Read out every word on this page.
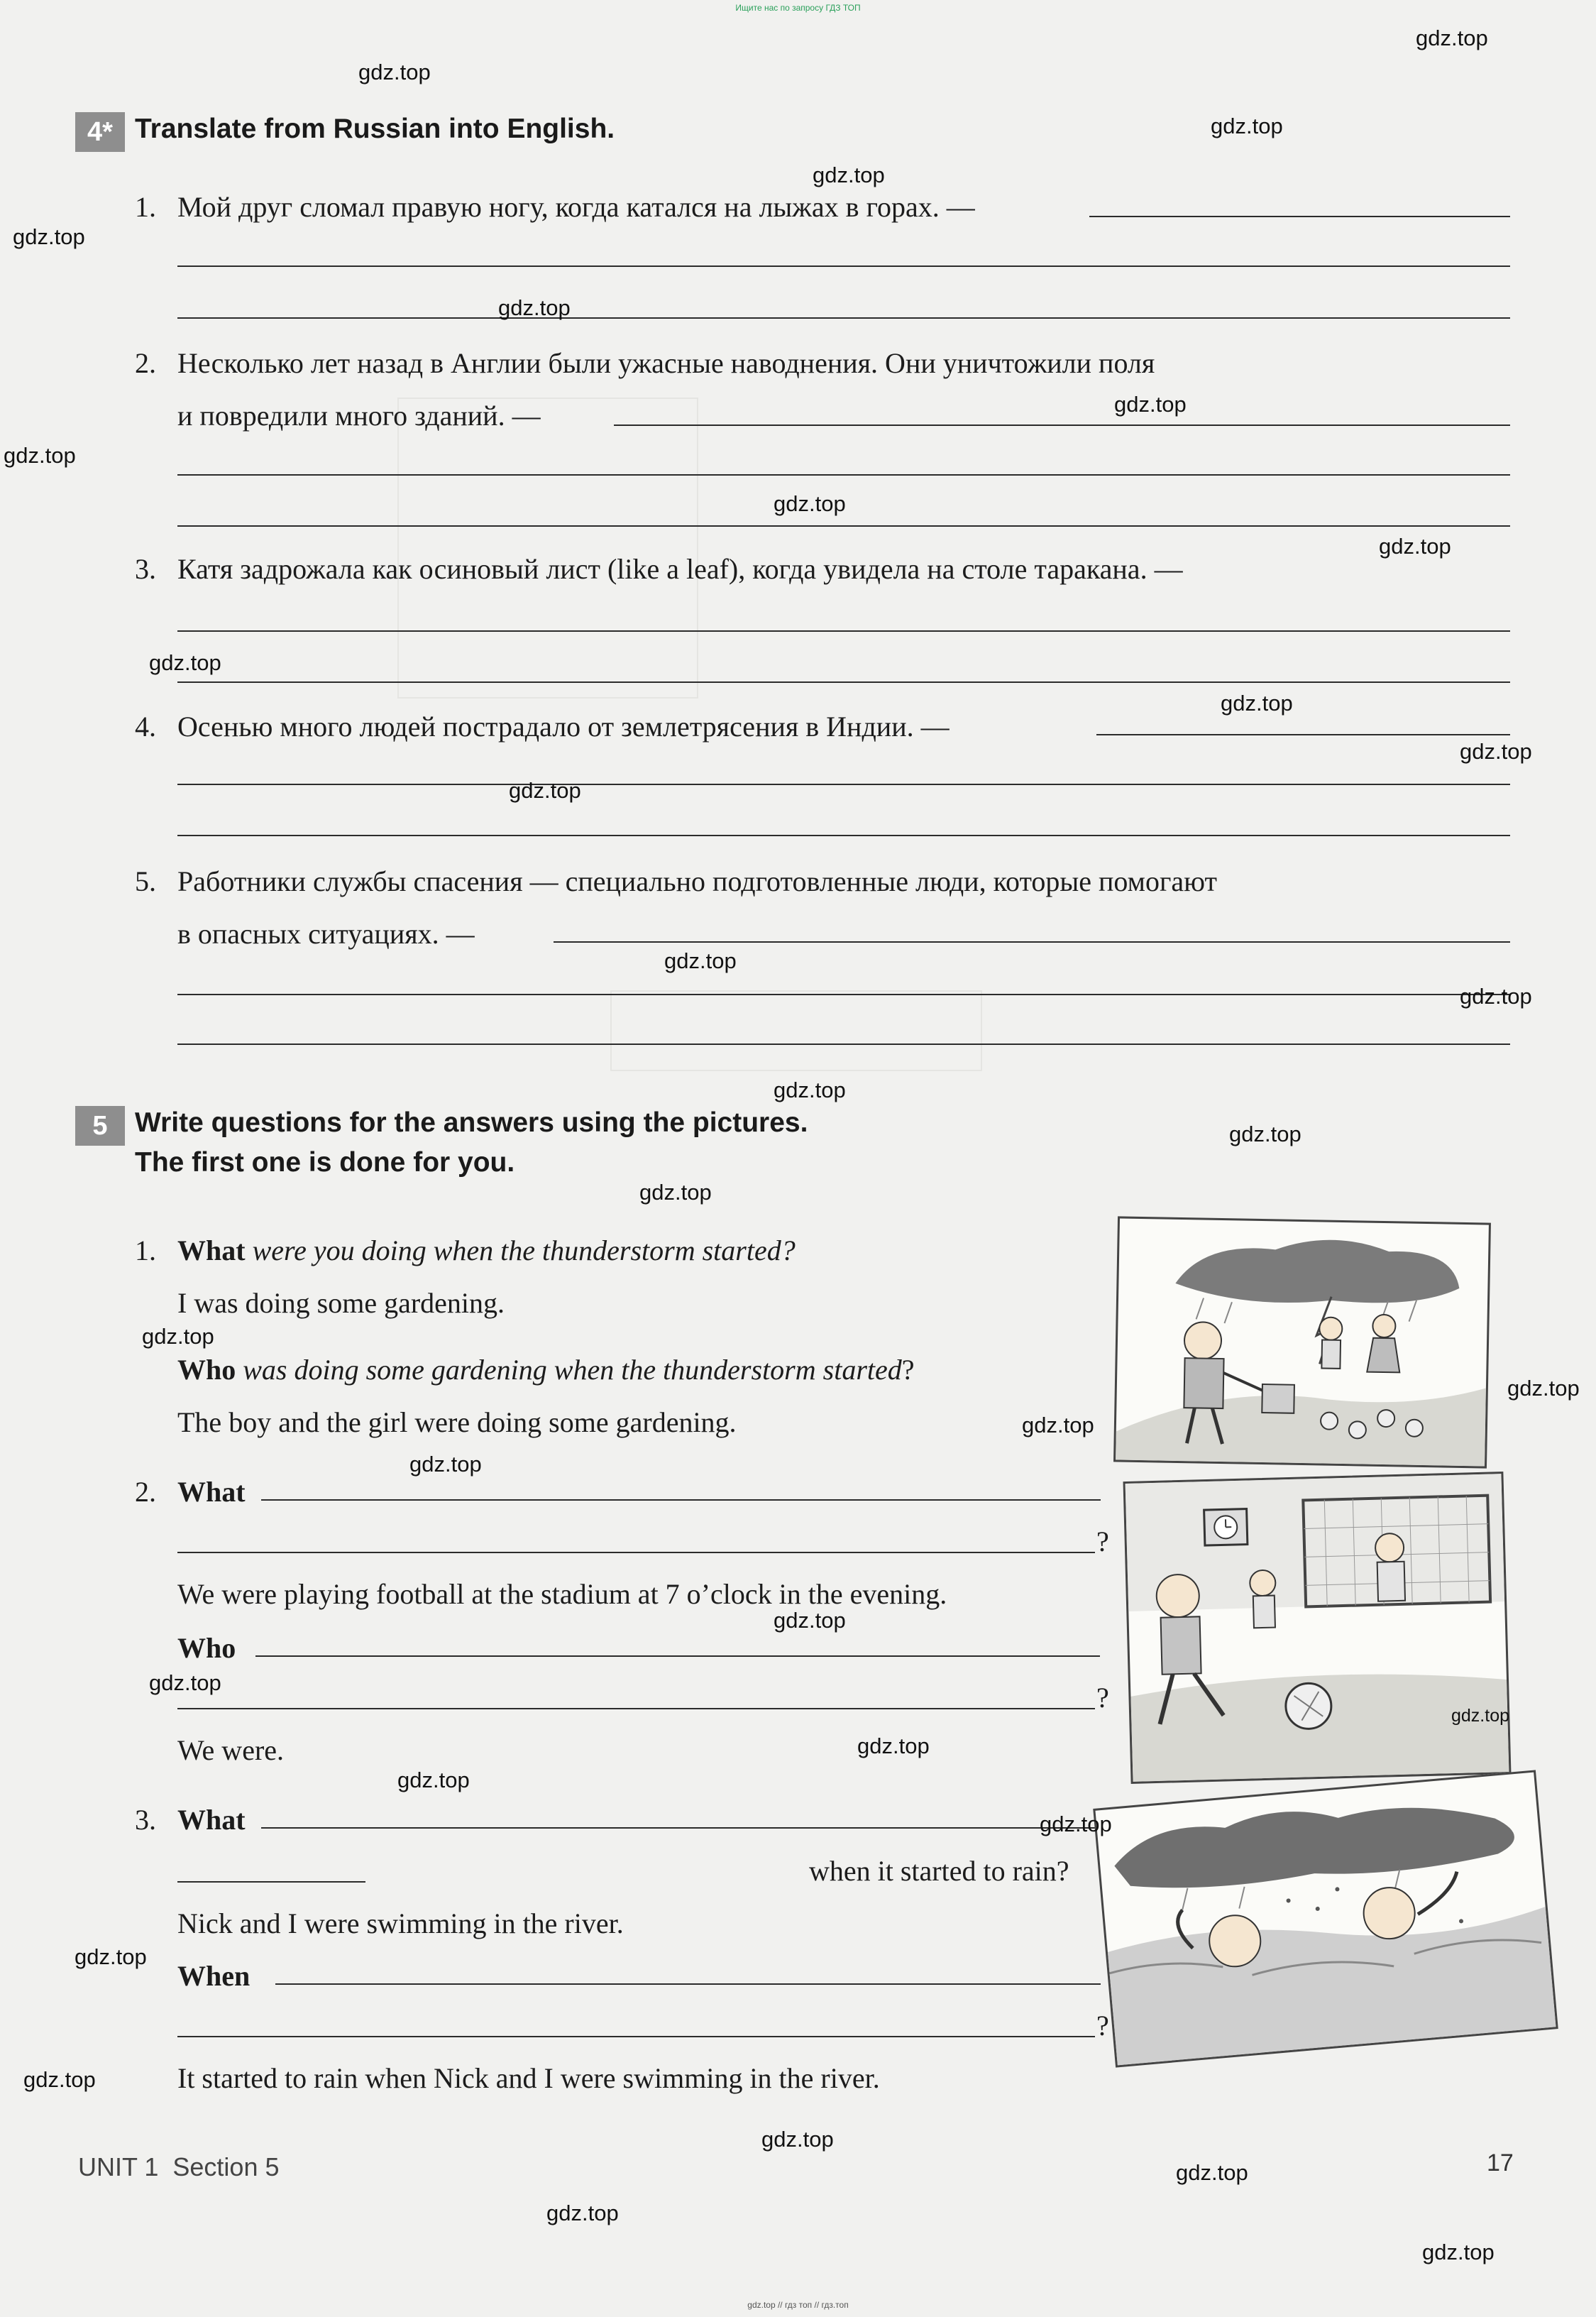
Ищите нас по запросу ГДЗ ТОП
gdz.top // гдз топ // гдз.топ
4* Translate from Russian into English.
1. Мой друг сломал правую ногу, когда катался на лыжах в горах. —
2. Несколько лет назад в Англии были ужасные наводнения. Они уничтожили поля
и повредили много зданий. —
3. Катя задрожала как осиновый лист (like a leaf), когда увидела на столе таракана. —
4. Осенью много людей пострадало от землетрясения в Индии. —
5. Работники службы спасения — специально подготовленные люди, которые помогают
в опасных ситуациях. —
5 Write questions for the answers using the pictures.
The first one is done for you.
1. What were you doing when the thunderstorm started?
I was doing some gardening.
Who was doing some gardening when the thunderstorm started?
The boy and the girl were doing some gardening.
2. What
?
We were playing football at the stadium at 7 o’clock in the evening.
Who
?
We were.
3. What
when it started to rain?
Nick and I were swimming in the river.
When
?
It started to rain when Nick and I were swimming in the river.
UNIT 1 Section 5	17
gdz.top
gdz.top
gdz.top
gdz.top
gdz.top
gdz.top
gdz.top
gdz.top
gdz.top
gdz.top
gdz.top
gdz.top
gdz.top
gdz.top
gdz.top
gdz.top
gdz.top
gdz.top
gdz.top
gdz.top
gdz.top
gdz.top
gdz.top
gdz.top
gdz.top
gdz.top
gdz.top
gdz.top
gdz.top
gdz.top
gdz.top
gdz.top
gdz.top
gdz.top
gdz.top
